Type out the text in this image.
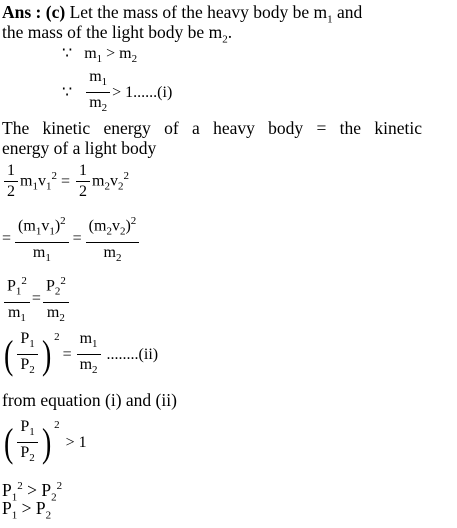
Ans : (c) Let the mass of the heavy body be $m_1$ and
the mass of the light body be $m_2$.
∵ $m_1 > m_2$
∵ $\frac{m_1}{m_2} > 1......(i)$
The kinetic energy of a heavy body = the kinetic
energy of a light body
$\frac{1}{2} m_1v_1^2 = \frac{1}{2} m_2v_2^2$
= $\frac{(m_1v_1)^2}{m_1} = \frac{(m_2v_2)^2}{m_2}$
$\frac{P_1^2}{m_1} = \frac{P_2^2}{m_2}$
( $\frac{P_1}{P_2}$ ) 2
= $\frac{m_1}{m_2} ........(ii)$
from equation (i) and (ii)
( $\frac{P_1}{P_2}$ ) 2
> 1
$P_1^2 > P_2^2$
$P_1 > P_2$
